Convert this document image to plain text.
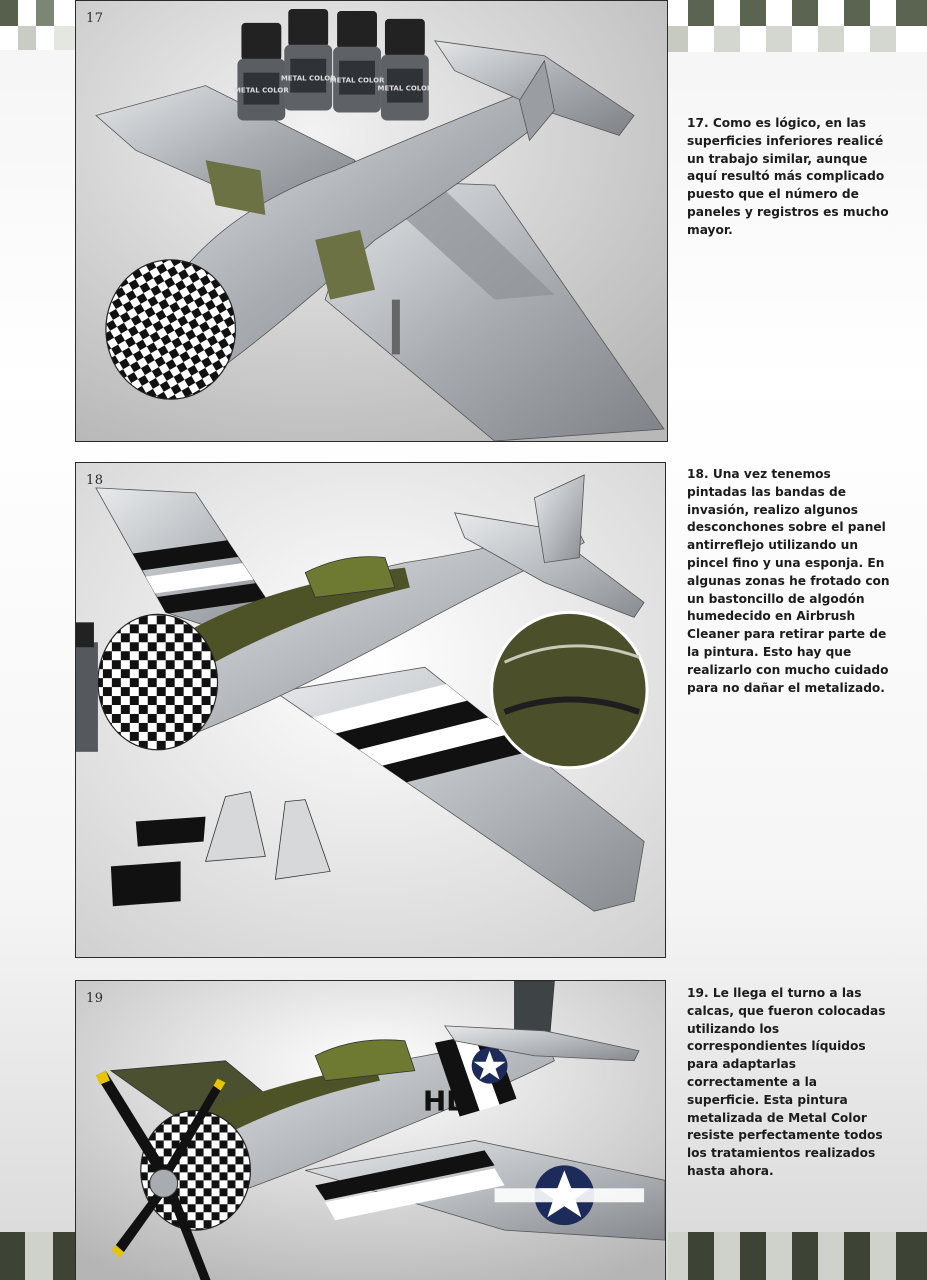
METAL COLOR
METAL COLOR
METAL COLOR
METAL COLOR
17

17. Como es lógico, en las superficies inferiores realicé un trabajo similar, aunque aquí resultó más complicado puesto que el número de paneles y registros es mucho mayor.

18	18. Una vez tenemos pintadas las bandas de invasión, realizo algunos desconchones sobre el panel antirreflejo utilizando un pincel fino y una esponja. En algunas zonas he frotado con un bastoncillo de algodón humedecido en Airbrush Cleaner para retirar parte de la pintura. Esto hay que realizarlo con mucho cuidado para no dañar el metalizado.

HL
19	19. Le llega el turno a las calcas, que fueron colocadas utilizando los correspondientes líquidos para adaptarlas correctamente a la superficie. Esta pintura metalizada de Metal Color resiste perfectamente todos los tratamientos realizados hasta ahora.
